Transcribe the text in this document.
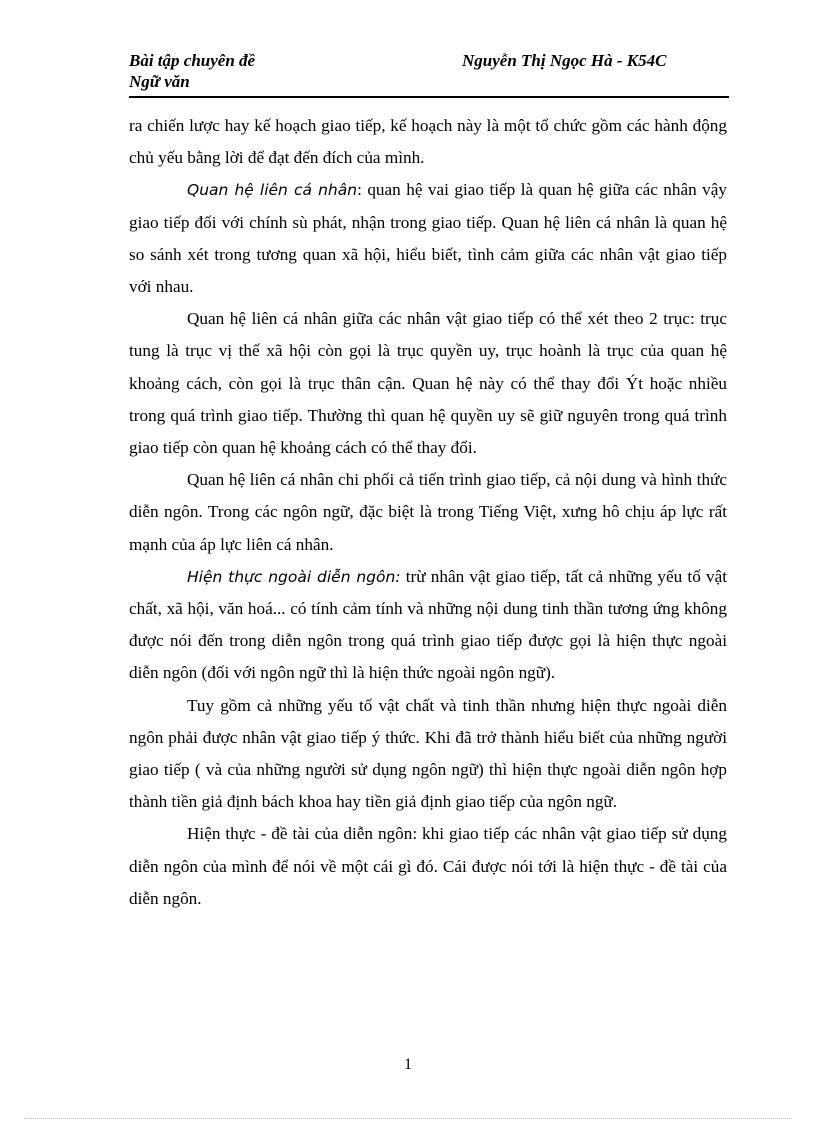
Bài tập chuyên đề
Ngữ văn
Nguyễn Thị Ngọc Hà - K54C

ra chiến lược hay kế hoạch giao tiếp, kế hoạch này là một tổ chức gồm các hành động chủ yếu bằng lời để đạt đến đích của mình.

Quan hệ liên cá nhân: quan hệ vai giao tiếp là quan hệ giữa các nhân vậy giao tiếp đối với chính sù phát, nhận trong giao tiếp. Quan hệ liên cá nhân là quan hệ so sánh xét trong tương quan xã hội, hiểu biết, tình cảm giữa các nhân vật giao tiếp với nhau.

Quan hệ liên cá nhân giữa các nhân vật giao tiếp có thể xét theo 2 trục: trục tung là trục vị thế xã hội còn gọi là trục quyền uy, trục hoành là trục của quan hệ khoảng cách, còn gọi là trục thân cận. Quan hệ này có thể thay đổi Ýt hoặc nhiều trong quá trình giao tiếp. Thường thì quan hệ quyền uy sẽ giữ nguyên trong quá trình giao tiếp còn quan hệ khoảng cách có thể thay đổi.

Quan hệ liên cá nhân chi phối cả tiến trình giao tiếp, cả nội dung và hình thức diễn ngôn. Trong các ngôn ngữ, đặc biệt là trong Tiếng Việt, xưng hô chịu áp lực rất mạnh của áp lực liên cá nhân.

Hiện thực ngoài diễn ngôn: trừ nhân vật giao tiếp, tất cả những yếu tố vật chất, xã hội, văn hoá... có tính cảm tính và những nội dung tinh thần tương ứng không được nói đến trong diễn ngôn trong quá trình giao tiếp được gọi là hiện thực ngoài diễn ngôn (đối với ngôn ngữ thì là hiện thức ngoài ngôn ngữ).

Tuy gồm cả những yếu tố vật chất và tinh thần nhưng hiện thực ngoài diễn ngôn phải được nhân vật giao tiếp ý thức. Khi đã trở thành hiểu biết của những người giao tiếp ( và của những người sử dụng ngôn ngữ) thì hiện thực ngoài diễn ngôn hợp thành tiền giả định bách khoa hay tiền giả định giao tiếp của ngôn ngữ.

Hiện thực - đề tài của diễn ngôn: khi giao tiếp các nhân vật giao tiếp sử dụng diễn ngôn của mình để nói về một cái gì đó. Cái được nói tới là hiện thực - đề tài của diễn ngôn.

1
